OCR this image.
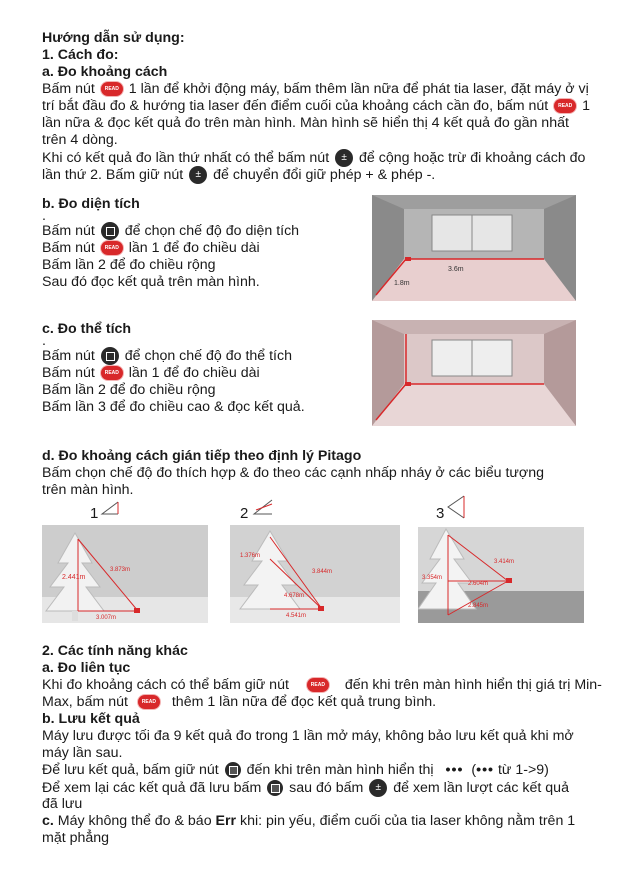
Hướng dẫn sử dụng:
1. Cách đo:
a. Đo khoảng cách
Bấm nút READ 1 lần để khởi động máy, bấm thêm lần nữa để phát tia laser, đặt máy ở vị
trí bắt đầu đo & hướng tia laser đến điểm cuối của khoảng cách cần đo, bấm nút READ 1
lần nữa & đọc kết quả đo trên màn hình. Màn hình sẽ hiển thị 4 kết quả đo gần nhất
trên 4 dòng.
Khi có kết quả đo lần thứ nhất có thể bấm nút ± để cộng hoặc trừ đi khoảng cách đo
lần thứ 2. Bấm giữ nút ± để chuyển đổi giữ phép + & phép -.
b. Đo diện tích
.
Bấm nút để chọn chế độ đo diện tích
Bấm nút READ lần 1 để đo chiều dài
Bấm lần 2 để đo chiều rộng
Sau đó đọc kết quả trên màn hình.
3.6m
1.8m
c. Đo thể tích
.
Bấm nút để chọn chế độ đo thể tích
Bấm nút READ lần 1 để đo chiều dài
Bấm lần 2 để đo chiều rộng
Bấm lần 3 để đo chiều cao & đọc kết quả.
d. Đo khoảng cách gián tiếp theo định lý Pitago
Bấm chọn chế độ đo thích hợp & đo theo các cạnh nhấp nháy ở các biểu tượng
trên màn hình.
1	2	3
2.441m
3.873m
3.007m
1.376m
3.844m
4.678m
4.541m
3.414m
3.354m
2.604m
2.845m
2. Các tính năng khác
a. Đo liên tục
Khi đo khoảng cách có thể bấm giữ nút	READ đến khi trên màn hình hiển thị giá trị Min-
Max, bấm nút	READ thêm 1 lần nữa để đọc kết quả trung bình.
b. Lưu kết quả
Máy lưu được tối đa 9 kết quả đo trong 1 lần mở máy, không bảo lưu kết quả khi mở
máy lần sau.
Để lưu kết quả, bấm giữ nút đến khi trên màn hình hiển thị ••• (••• từ 1->9)
Để xem lại các kết quả đã lưu bấm sau đó bấm ± để xem lần lượt các kết quả
đã lưu
c. Máy không thể đo & báo Err khi: pin yếu, điểm cuối của tia laser không nằm trên 1
mặt phẳng
